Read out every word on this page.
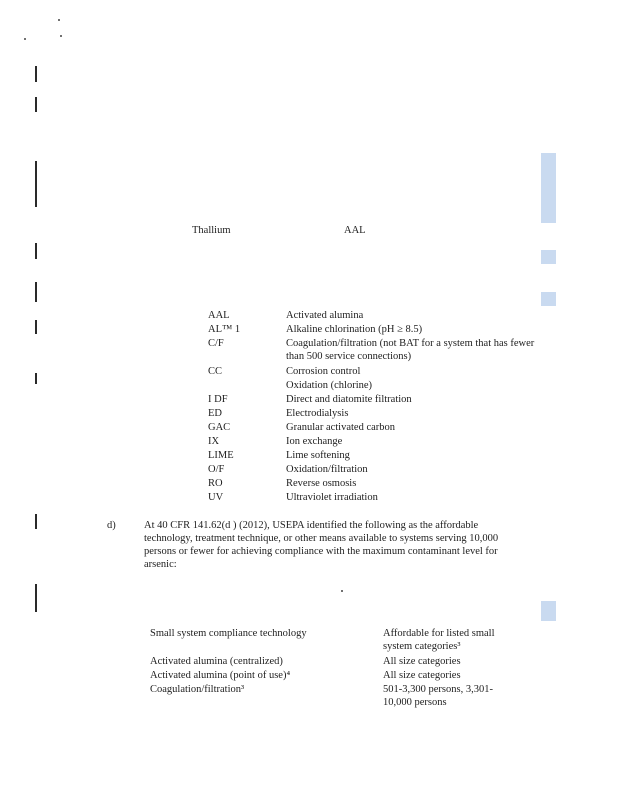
Thallium	AAL
AAL	Activated alumina
AL™ 1	Alkaline chlorination (pH ≥ 8.5)
C/F	Coagulation/filtration (not BAT for a system that has fewer than 500 service connections)
CC	Corrosion control
Oxidation (chlorine)
I DF	Direct and diatomite filtration
ED	Electrodialysis
GAC	Granular activated carbon
IX	Ion exchange
LIME	Lime softening
O/F	Oxidation/filtration
RO	Reverse osmosis
UV	Ultraviolet irradiation
d)	At 40 CFR 141.62(d ) (2012), USEPA identified the following as the affordable technology, treatment technique, or other means available to systems serving 10,000 persons or fewer for achieving compliance with the maximum contaminant level for arsenic:
Small system compliance technology	Affordable for listed small system categories³
Activated alumina (centralized)	All size categories
Activated alumina (point of use)⁴	All size categories
Coagulation/filtration³	501-3,300 persons, 3,301-10,000 persons
